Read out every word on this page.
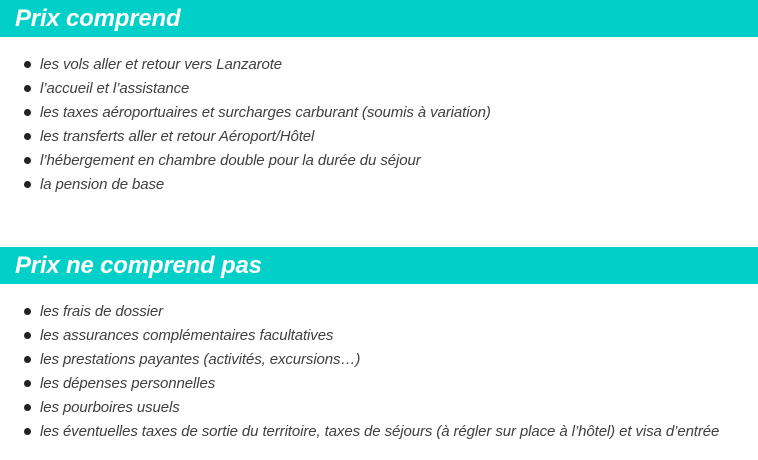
Prix comprend
les vols aller et retour vers Lanzarote
l’accueil et l’assistance
les taxes aéroportuaires et surcharges carburant (soumis à variation)
les transferts aller et retour Aéroport/Hôtel
l’hébergement en chambre double pour la durée du séjour
la pension de base
Prix ne comprend pas
les frais de dossier
les assurances complémentaires facultatives
les prestations payantes (activités, excursions…)
les dépenses personnelles
les pourboires usuels
les éventuelles taxes de sortie du territoire, taxes de séjours (à régler sur place à l’hôtel) et visa d’entrée
